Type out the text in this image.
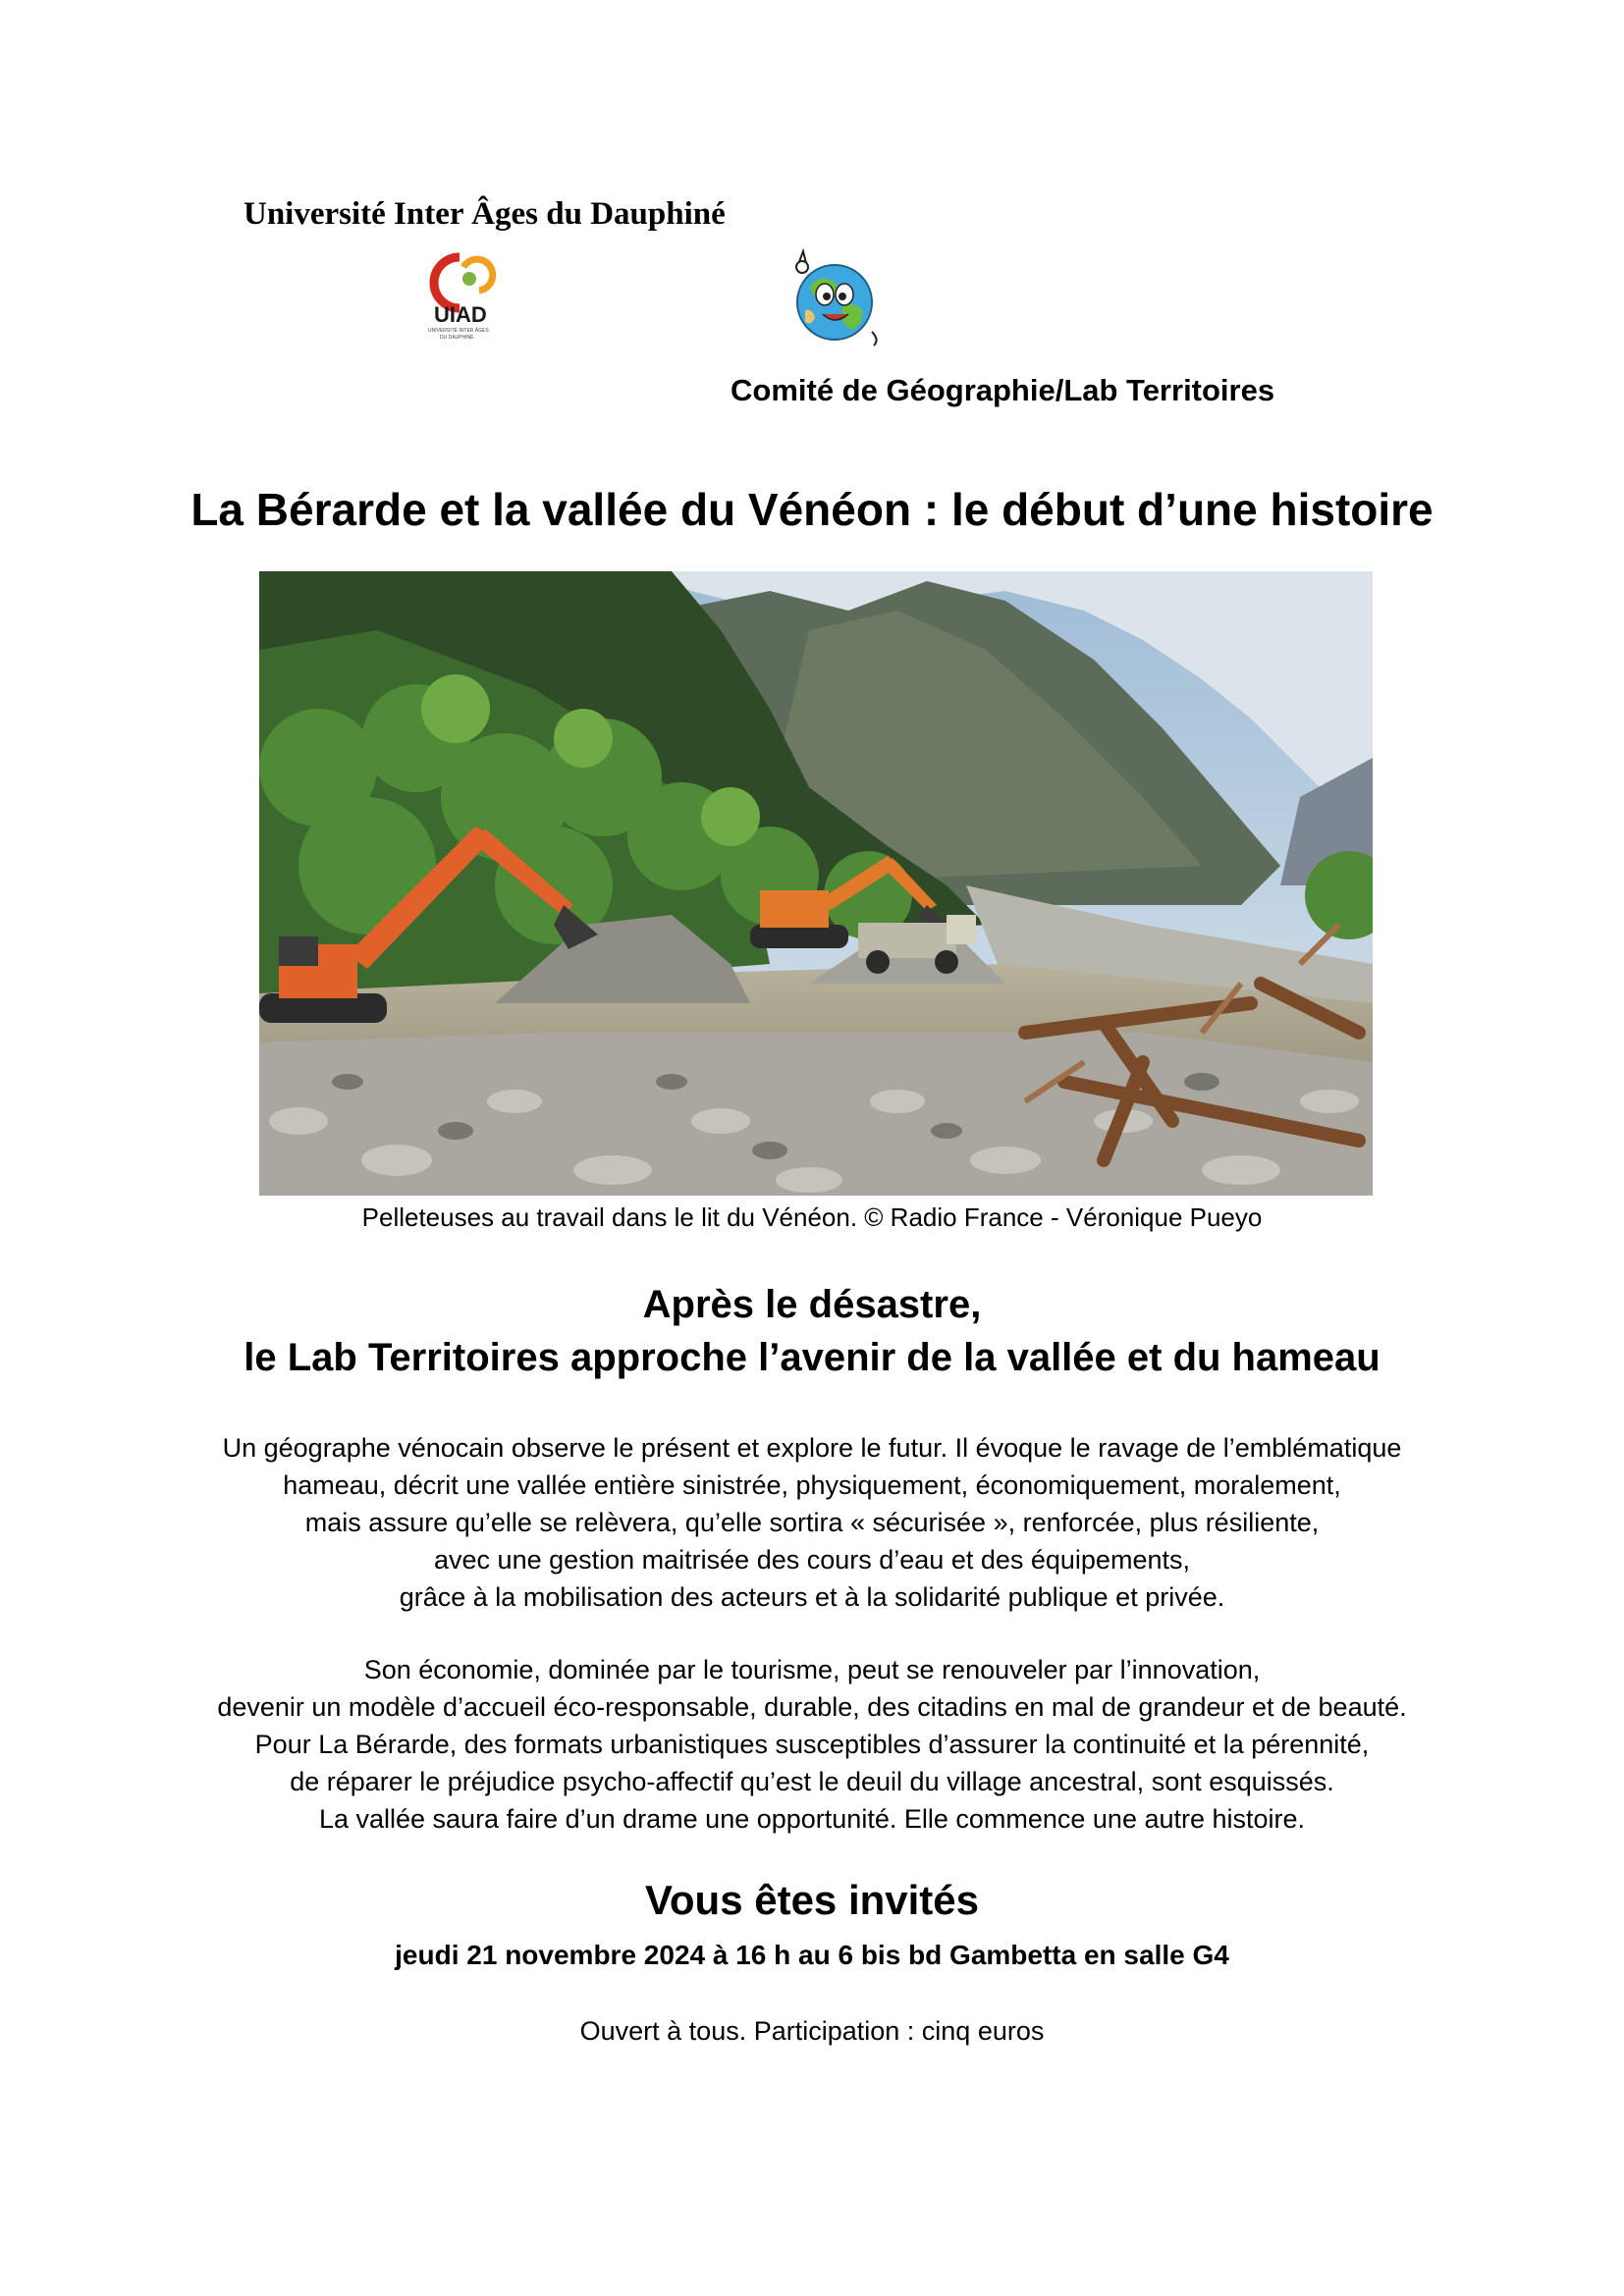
Université Inter Âges du Dauphiné
UIAD
UNIVERSITÉ INTER ÂGES
DU DAUPHINÉ
Comité de Géographie/Lab Territoires
La Bérarde et la vallée du Vénéon : le début d’une histoire
Pelleteuses au travail dans le lit du Vénéon. © Radio France - Véronique Pueyo
Après le désastre,
le Lab Territoires approche l’avenir de la vallée et du hameau
Un géographe vénocain observe le présent et explore le futur. Il évoque le ravage de l’emblématique
hameau, décrit une vallée entière sinistrée, physiquement, économiquement, moralement,
mais assure qu’elle se relèvera, qu’elle sortira « sécurisée », renforcée, plus résiliente,
avec une gestion maitrisée des cours d’eau et des équipements,
grâce à la mobilisation des acteurs et à la solidarité publique et privée.
Son économie, dominée par le tourisme, peut se renouveler par l’innovation,
devenir un modèle d’accueil éco-responsable, durable, des citadins en mal de grandeur et de beauté.
Pour La Bérarde, des formats urbanistiques susceptibles d’assurer la continuité et la pérennité,
de réparer le préjudice psycho-affectif qu’est le deuil du village ancestral, sont esquissés.
La vallée saura faire d’un drame une opportunité. Elle commence une autre histoire.
Vous êtes invités
jeudi 21 novembre 2024 à 16 h au 6 bis bd Gambetta en salle G4
Ouvert à tous. Participation : cinq euros
